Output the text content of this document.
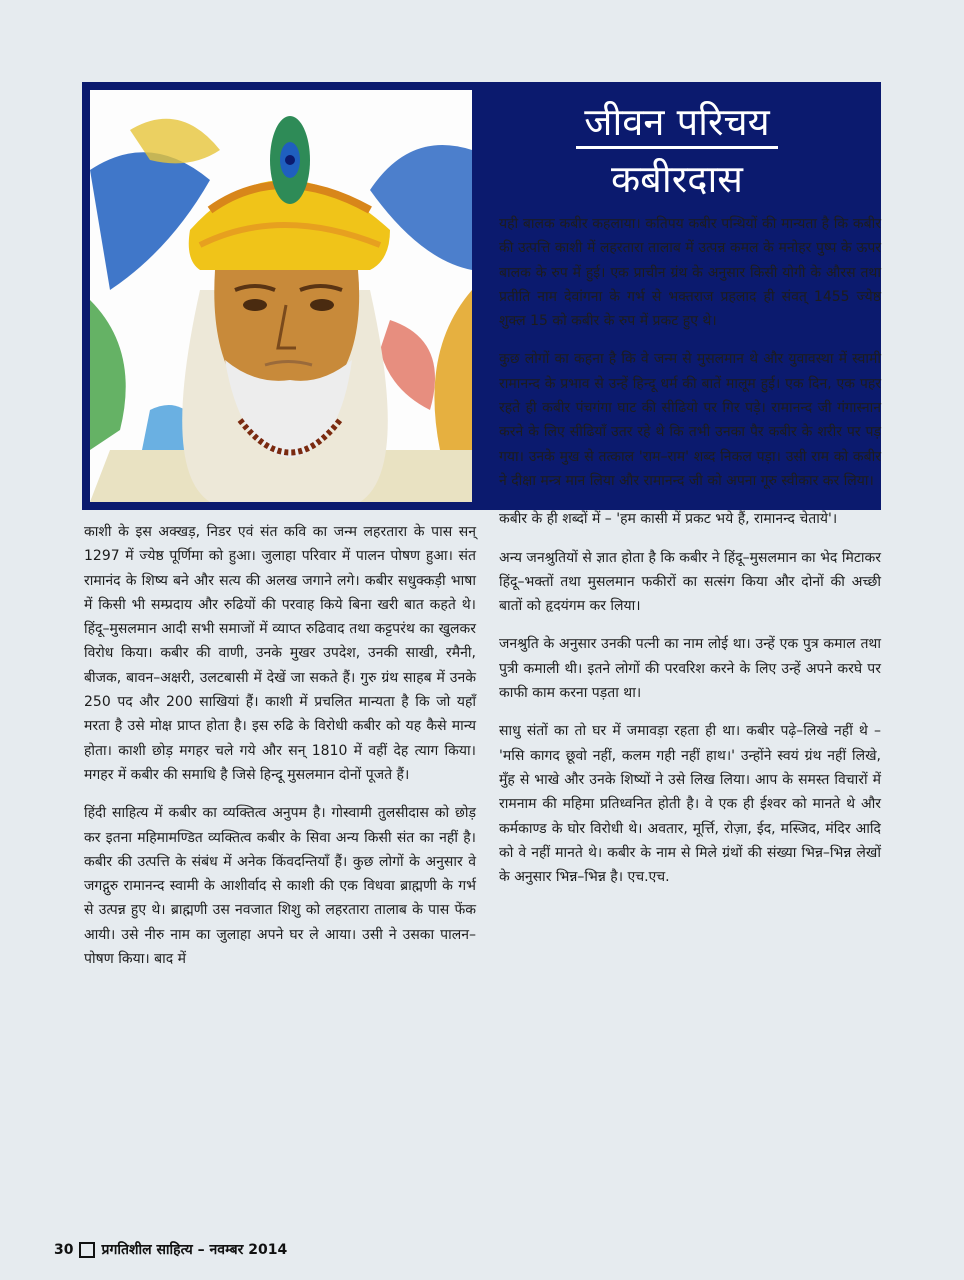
जीवन परिचय
कबीरदास

काशी के इस अक्खड़, निडर एवं संत कवि का जन्म लहरतारा के पास सन् 1297 में ज्येष्ठ पूर्णिमा को हुआ। जुलाहा परिवार में पालन पोषण हुआ। संत रामानंद के शिष्य बने और सत्य की अलख जगाने लगे। कबीर सधुक्कड़ी भाषा में किसी भी सम्प्रदाय और रुढियों की परवाह किये बिना खरी बात कहते थे। हिंदू–मुसलमान आदी सभी समाजों में व्याप्त रुढिवाद तथा कट्टपरंथ का खुलकर विरोध किया। कबीर की वाणी, उनके मुखर उपदेश, उनकी साखी, रमैनी, बीजक, बावन–अक्षरी, उलटबासी में देखें जा सकते हैं। गुरु ग्रंथ साहब में उनके 250 पद और 200 साखियां हैं। काशी में प्रचलित मान्यता है कि जो यहाँ मरता है उसे मोक्ष प्राप्त होता है। इस रुढि के विरोधी कबीर को यह कैसे मान्य होता। काशी छोड़ मगहर चले गये और सन् 1810 में वहीं देह त्याग किया। मगहर में कबीर की समाधि है जिसे हिन्दू मुसलमान दोनों पूजते हैं।

हिंदी साहित्य में कबीर का व्यक्तित्व अनुपम है। गोस्वामी तुलसीदास को छोड़ कर इतना महिमामण्डित व्यक्तित्व कबीर के सिवा अन्य किसी संत का नहीं है। कबीर की उत्पत्ति के संबंध में अनेक किंवदन्तियाँ हैं। कुछ लोगों के अनुसार वे जगद्गुरु रामानन्द स्वामी के आशीर्वाद से काशी की एक विधवा ब्राह्मणी के गर्भ से उत्पन्न हुए थे। ब्राह्मणी उस नवजात शिशु को लहरतारा तालाब के पास फेंक आयी। उसे नीरु नाम का जुलाहा अपने घर ले आया। उसी ने उसका पालन–पोषण किया। बाद में

यही बालक कबीर कहलाया। कतिपय कबीर पन्थियों की मान्यता है कि कबीर की उत्पत्ति काशी में लहरतारा तालाब में उत्पन्न कमल के मनोहर पुष्प के ऊपर बालक के रुप में हुई। एक प्राचीन ग्रंथ के अनुसार किसी योगी के औरस तथा प्रतीति नाम देवांगना के गर्भ से भक्तराज प्रहलाद ही संवत् 1455 ज्येष्ठ शुक्ल 15 को कबीर के रुप में प्रकट हुए थे।

कुछ लोगों का कहना है कि वे जन्म से मुसलमान थे और युवावस्था में स्वामी रामानन्द के प्रभाव से उन्हें हिन्दू धर्म की बातें मालूम हुई। एक दिन, एक पहर रहते ही कबीर पंचगंगा घाट की सीढियो पर गिर पड़े। रामानन्द जी गंगास्नान करने के लिए सीढियाँ उतर रहे थे कि तभी उनका पैर कबीर के शरीर पर पड़ गया। उनके मुख से तत्काल 'राम–राम' शब्द निकल पड़ा। उसी राम को कबीर ने दीक्षा मन्त्र मान लिया और रामानन्द जी को अपना गूरु स्वीकार कर लिया।

कबीर के ही शब्दों में – 'हम कासी में प्रकट भये हैं, रामानन्द चेताये'।

अन्य जनश्रुतियों से ज्ञात होता है कि कबीर ने हिंदू–मुसलमान का भेद मिटाकर हिंदू–भक्तों तथा मुसलमान फकीरों का सत्संग किया और दोनों की अच्छी बातों को हृदयंगम कर लिया।

जनश्रुति के अनुसार उनकी पत्नी का नाम लोई था। उन्हें एक पुत्र कमाल तथा पुत्री कमाली थी। इतने लोगों की परवरिश करने के लिए उन्हें अपने करघे पर काफी काम करना पड़ता था।

साधु संतों का तो घर में जमावड़ा रहता ही था। कबीर पढ़े–लिखे नहीं थे – 'मसि कागद छूवो नहीं, कलम गही नहीं हाथ।' उन्होंने स्वयं ग्रंथ नहीं लिखे, मुँह से भाखे और उनके शिष्यों ने उसे लिख लिया। आप के समस्त विचारों में रामनाम की महिमा प्रतिध्वनित होती है। वे एक ही ईश्वर को मानते थे और कर्मकाण्ड के घोर विरोधी थे। अवतार, मूर्त्ति, रोज़ा, ईद, मस्जिद, मंदिर आदि को वे नहीं मानते थे। कबीर के नाम से मिले ग्रंथों की संख्या भिन्न–भिन्न लेखों के अनुसार भिन्न–भिन्न है। एच.एच.

30 प्रगतिशील साहित्य – नवम्बर 2014
